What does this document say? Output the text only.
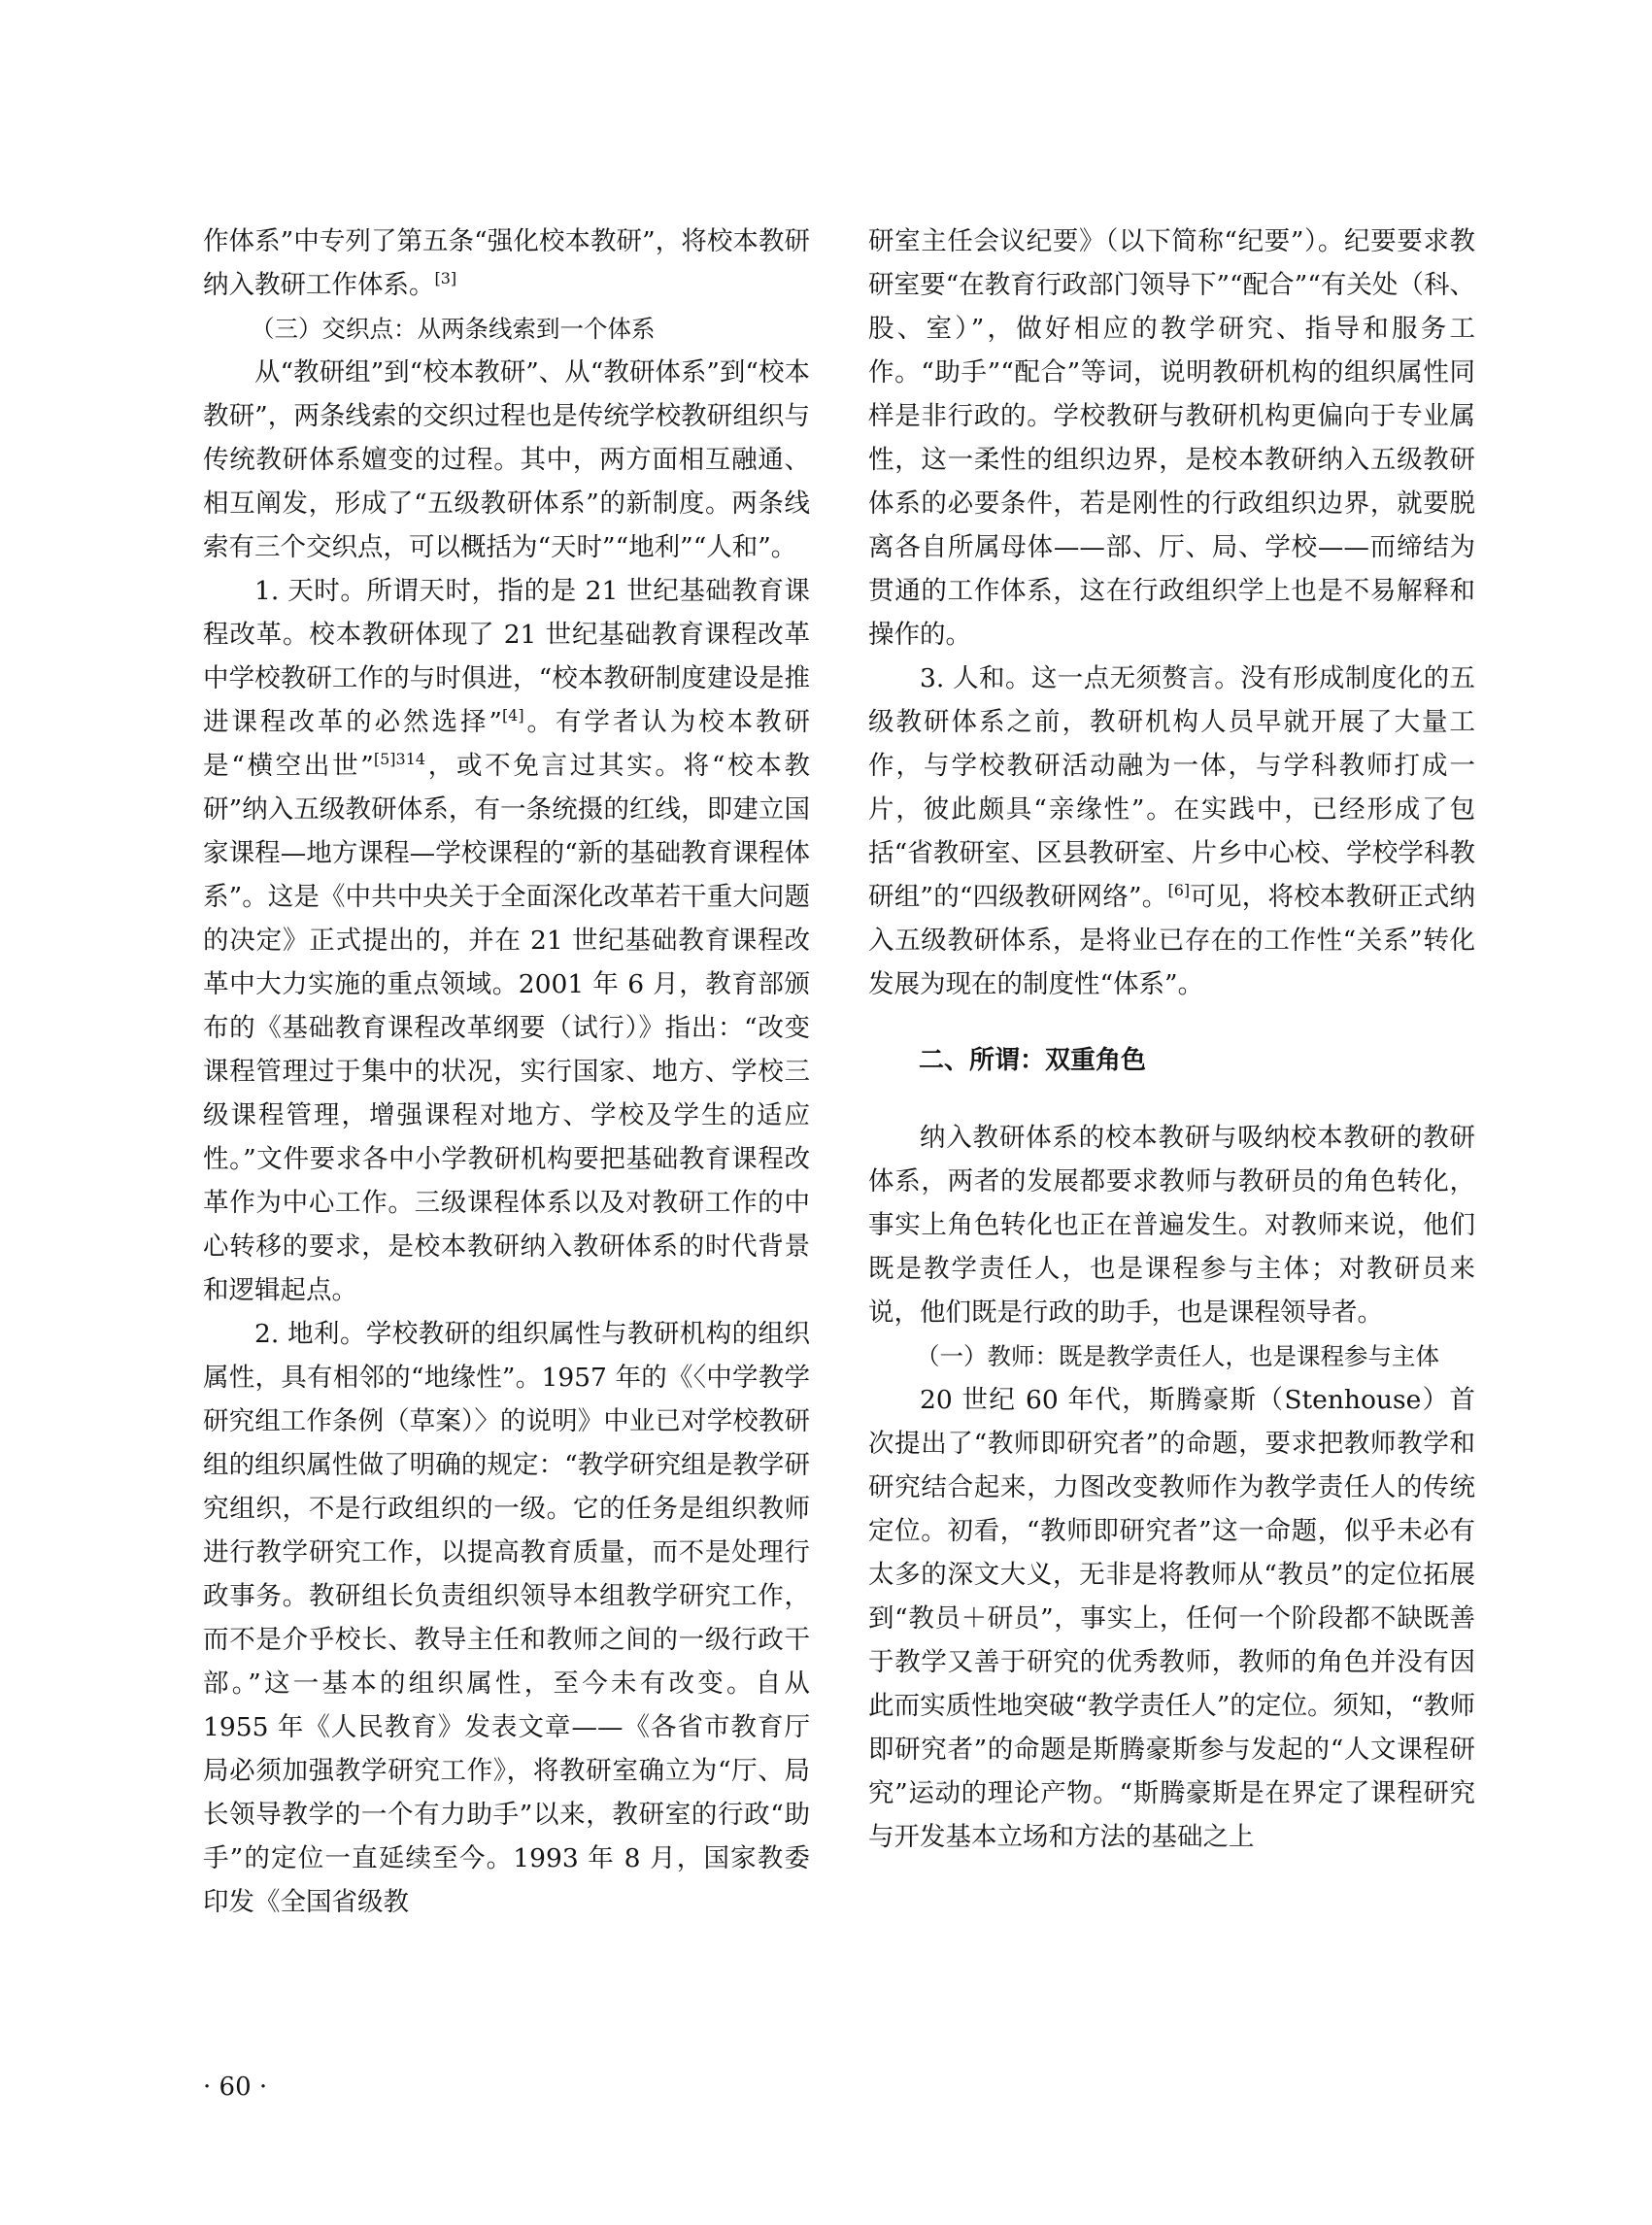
作体系”中专列了第五条“强化校本教研”，将校本教研纳入教研工作体系。[3]

（三）交织点：从两条线索到一个体系

从“教研组”到“校本教研”、从“教研体系”到“校本教研”，两条线索的交织过程也是传统学校教研组织与传统教研体系嬗变的过程。其中，两方面相互融通、相互阐发，形成了“五级教研体系”的新制度。两条线索有三个交织点，可以概括为“天时”“地利”“人和”。

1. 天时。所谓天时，指的是 21 世纪基础教育课程改革。校本教研体现了 21 世纪基础教育课程改革中学校教研工作的与时俱进，“校本教研制度建设是推进课程改革的必然选择”[4]。有学者认为校本教研是“横空出世”$^{[5]314}$，或不免言过其实。将“校本教研”纳入五级教研体系，有一条统摄的红线，即建立国家课程—地方课程—学校课程的“新的基础教育课程体系”。这是《中共中央关于全面深化改革若干重大问题的决定》正式提出的，并在 21 世纪基础教育课程改革中大力实施的重点领域。2001 年 6 月，教育部颁布的《基础教育课程改革纲要（试行）》指出：“改变课程管理过于集中的状况，实行国家、地方、学校三级课程管理，增强课程对地方、学校及学生的适应性。”文件要求各中小学教研机构要把基础教育课程改革作为中心工作。三级课程体系以及对教研工作的中心转移的要求，是校本教研纳入教研体系的时代背景和逻辑起点。

2. 地利。学校教研的组织属性与教研机构的组织属性，具有相邻的“地缘性”。1957 年的《〈中学教学研究组工作条例（草案）〉的说明》中业已对学校教研组的组织属性做了明确的规定：“教学研究组是教学研究组织，不是行政组织的一级。它的任务是组织教师进行教学研究工作，以提高教育质量，而不是处理行政事务。教研组长负责组织领导本组教学研究工作，而不是介乎校长、教导主任和教师之间的一级行政干部。”这一基本的组织属性，至今未有改变。自从 1955 年《人民教育》发表文章——《各省市教育厅局必须加强教学研究工作》，将教研室确立为“厅、局长领导教学的一个有力助手”以来，教研室的行政“助手”的定位一直延续至今。1993 年 8 月，国家教委印发《全国省级教

研室主任会议纪要》（以下简称“纪要”）。纪要要求教研室要“在教育行政部门领导下”“配合”“有关处（科、股、室）”，做好相应的教学研究、指导和服务工作。“助手”“配合”等词，说明教研机构的组织属性同样是非行政的。学校教研与教研机构更偏向于专业属性，这一柔性的组织边界，是校本教研纳入五级教研体系的必要条件，若是刚性的行政组织边界，就要脱离各自所属母体——部、厅、局、学校——而缔结为贯通的工作体系，这在行政组织学上也是不易解释和操作的。

3. 人和。这一点无须赘言。没有形成制度化的五级教研体系之前，教研机构人员早就开展了大量工作，与学校教研活动融为一体，与学科教师打成一片，彼此颇具“亲缘性”。在实践中，已经形成了包括“省教研室、区县教研室、片乡中心校、学校学科教研组”的“四级教研网络”。[6]可见，将校本教研正式纳入五级教研体系，是将业已存在的工作性“关系”转化发展为现在的制度性“体系”。

二、所谓：双重角色

纳入教研体系的校本教研与吸纳校本教研的教研体系，两者的发展都要求教师与教研员的角色转化，事实上角色转化也正在普遍发生。对教师来说，他们既是教学责任人，也是课程参与主体；对教研员来说，他们既是行政的助手，也是课程领导者。

（一）教师：既是教学责任人，也是课程参与主体

20 世纪 60 年代，斯腾豪斯（Stenhouse）首次提出了“教师即研究者”的命题，要求把教师教学和研究结合起来，力图改变教师作为教学责任人的传统定位。初看，“教师即研究者”这一命题，似乎未必有太多的深文大义，无非是将教师从“教员”的定位拓展到“教员＋研员”，事实上，任何一个阶段都不缺既善于教学又善于研究的优秀教师，教师的角色并没有因此而实质性地突破“教学责任人”的定位。须知，“教师即研究者”的命题是斯腾豪斯参与发起的“人文课程研究”运动的理论产物。“斯腾豪斯是在界定了课程研究与开发基本立场和方法的基础之上

· 60 ·
